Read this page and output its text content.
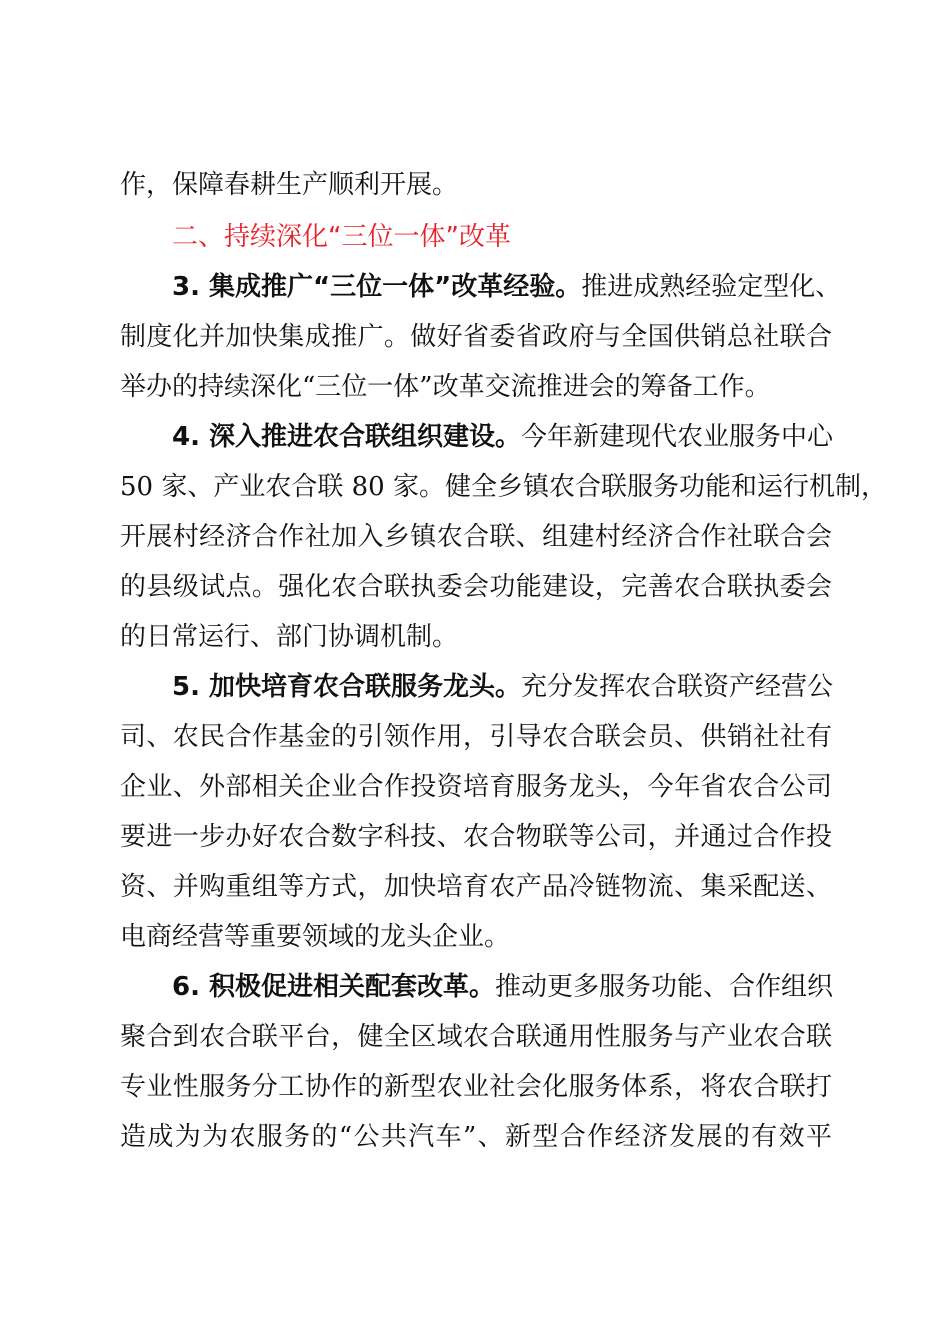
作，保障春耕生产顺利开展。
二、持续深化“三位一体”改革
3. 集成推广“三位一体”改革经验。推进成熟经验定型化、
制度化并加快集成推广。做好省委省政府与全国供销总社联合
举办的持续深化“三位一体”改革交流推进会的筹备工作。
4. 深入推进农合联组织建设。今年新建现代农业服务中心
50 家、产业农合联 80 家。健全乡镇农合联服务功能和运行机制，
开展村经济合作社加入乡镇农合联、组建村经济合作社联合会
的县级试点。强化农合联执委会功能建设，完善农合联执委会
的日常运行、部门协调机制。
5. 加快培育农合联服务龙头。充分发挥农合联资产经营公
司、农民合作基金的引领作用，引导农合联会员、供销社社有
企业、外部相关企业合作投资培育服务龙头，今年省农合公司
要进一步办好农合数字科技、农合物联等公司，并通过合作投
资、并购重组等方式，加快培育农产品冷链物流、集采配送、
电商经营等重要领域的龙头企业。
6. 积极促进相关配套改革。推动更多服务功能、合作组织
聚合到农合联平台，健全区域农合联通用性服务与产业农合联
专业性服务分工协作的新型农业社会化服务体系，将农合联打
造成为为农服务的“公共汽车”、新型合作经济发展的有效平
